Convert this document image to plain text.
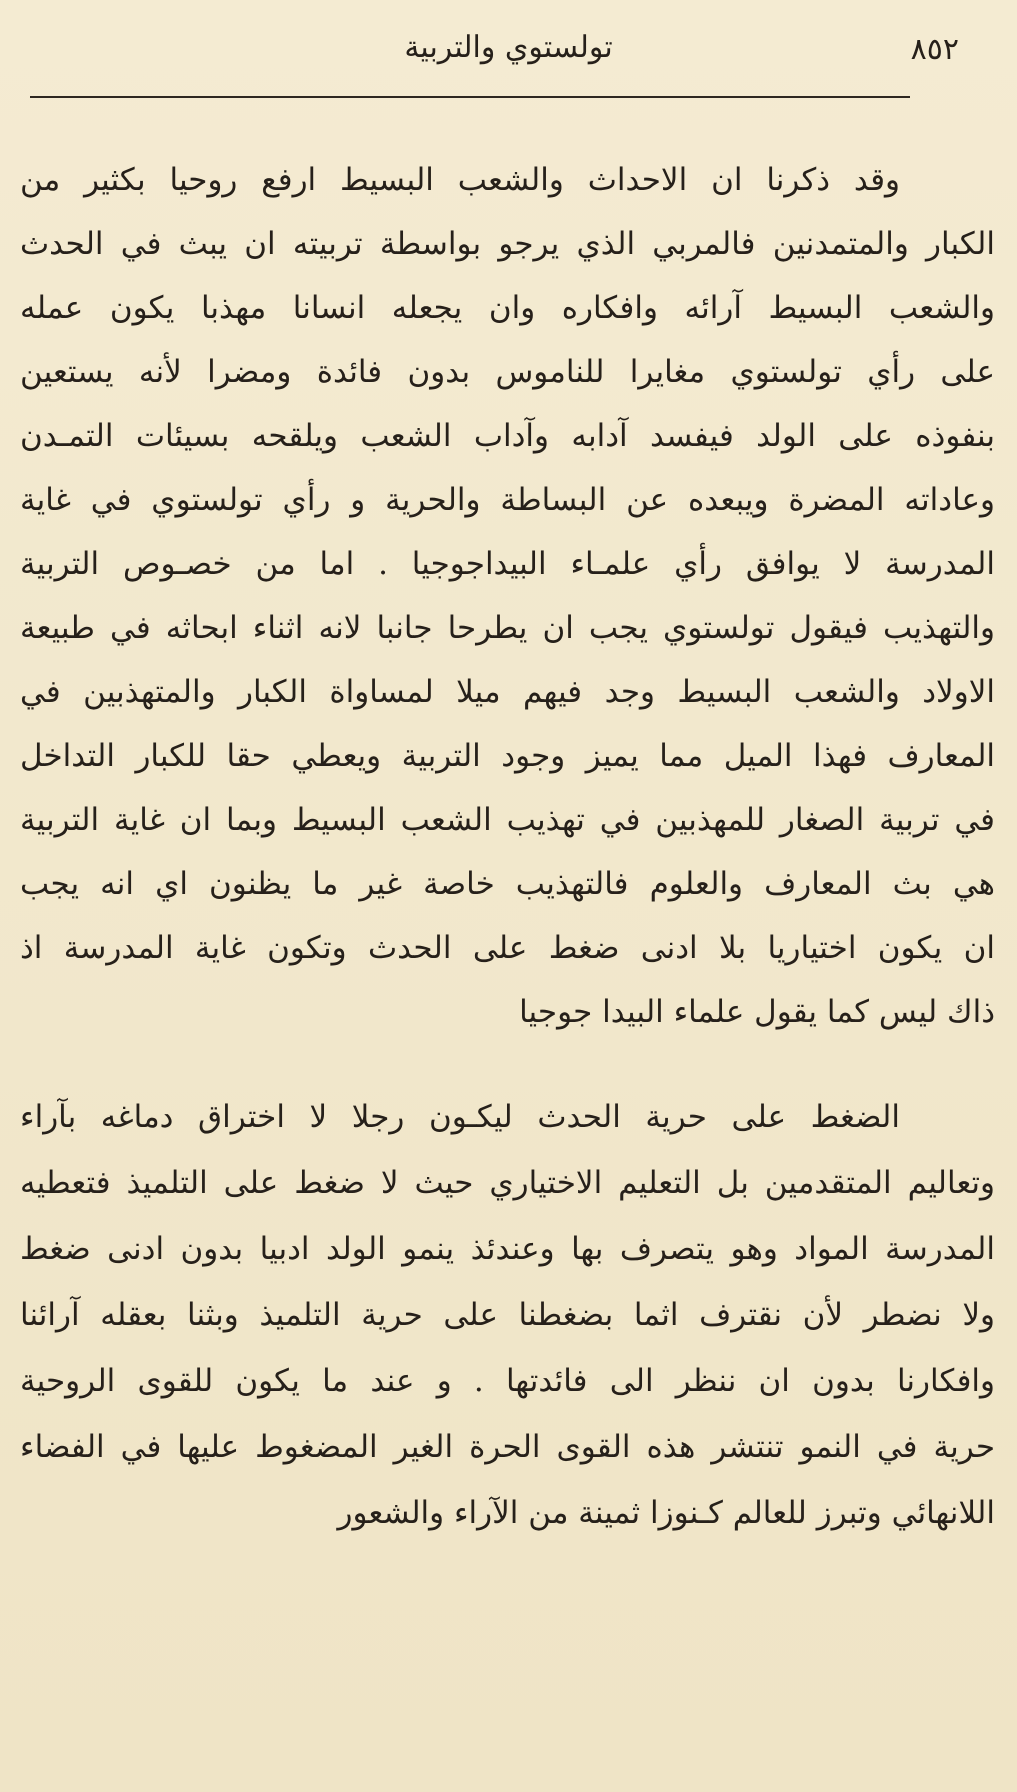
٨٥٢
تولستوي والتربية
وقد ذكرنا ان الاحداث والشعب البسيط ارفع روحيا بكثير من
الكبار والمتمدنين فالمربي الذي يرجو بواسطة تربيته ان يبث في الحدث
والشعب البسيط آرائه وافكاره وان يجعله انسانا مهذبا يكون عمله
على رأي تولستوي مغايرا للناموس بدون فائدة ومضرا لأنه يستعين
بنفوذه على الولد فيفسد آدابه وآداب الشعب ويلقحه بسيئات التمـدن
وعاداته المضرة ويبعده عن البساطة والحرية و رأي تولستوي في غاية
المدرسة لا يوافق رأي علمـاء البيداجوجيا . اما من خصـوص التربية
والتهذيب فيقول تولستوي يجب ان يطرحا جانبا لانه اثناء ابحاثه في طبيعة
الاولاد والشعب البسيط وجد فيهم ميلا لمساواة الكبار والمتهذبين في
المعارف فهذا الميل مما يميز وجود التربية ويعطي حقا للكبار التداخل
في تربية الصغار للمهذبين في تهذيب الشعب البسيط وبما ان غاية التربية
هي بث المعارف والعلوم فالتهذيب خاصة غير ما يظنون اي انه يجب
ان يكون اختياريا بلا ادنى ضغط على الحدث وتكون غاية المدرسة اذ
ذاك ليس كما يقول علماء البيدا جوجيا
الضغط على حرية الحدث ليكـون رجلا لا اختراق دماغه بآراء
وتعاليم المتقدمين بل التعليم الاختياري حيث لا ضغط على التلميذ فتعطيه
المدرسة المواد وهو يتصرف بها وعندئذ ينمو الولد ادبيا بدون ادنى ضغط
ولا نضطر لأن نقترف اثما بضغطنا على حرية التلميذ وبثنا بعقله آرائنا
وافكارنا بدون ان ننظر الى فائدتها . و عند ما يكون للقوى الروحية
حرية في النمو تنتشر هذه القوى الحرة الغير المضغوط عليها في الفضاء
اللانهائي وتبرز للعالم كـنوزا ثمينة من الآراء والشعور
